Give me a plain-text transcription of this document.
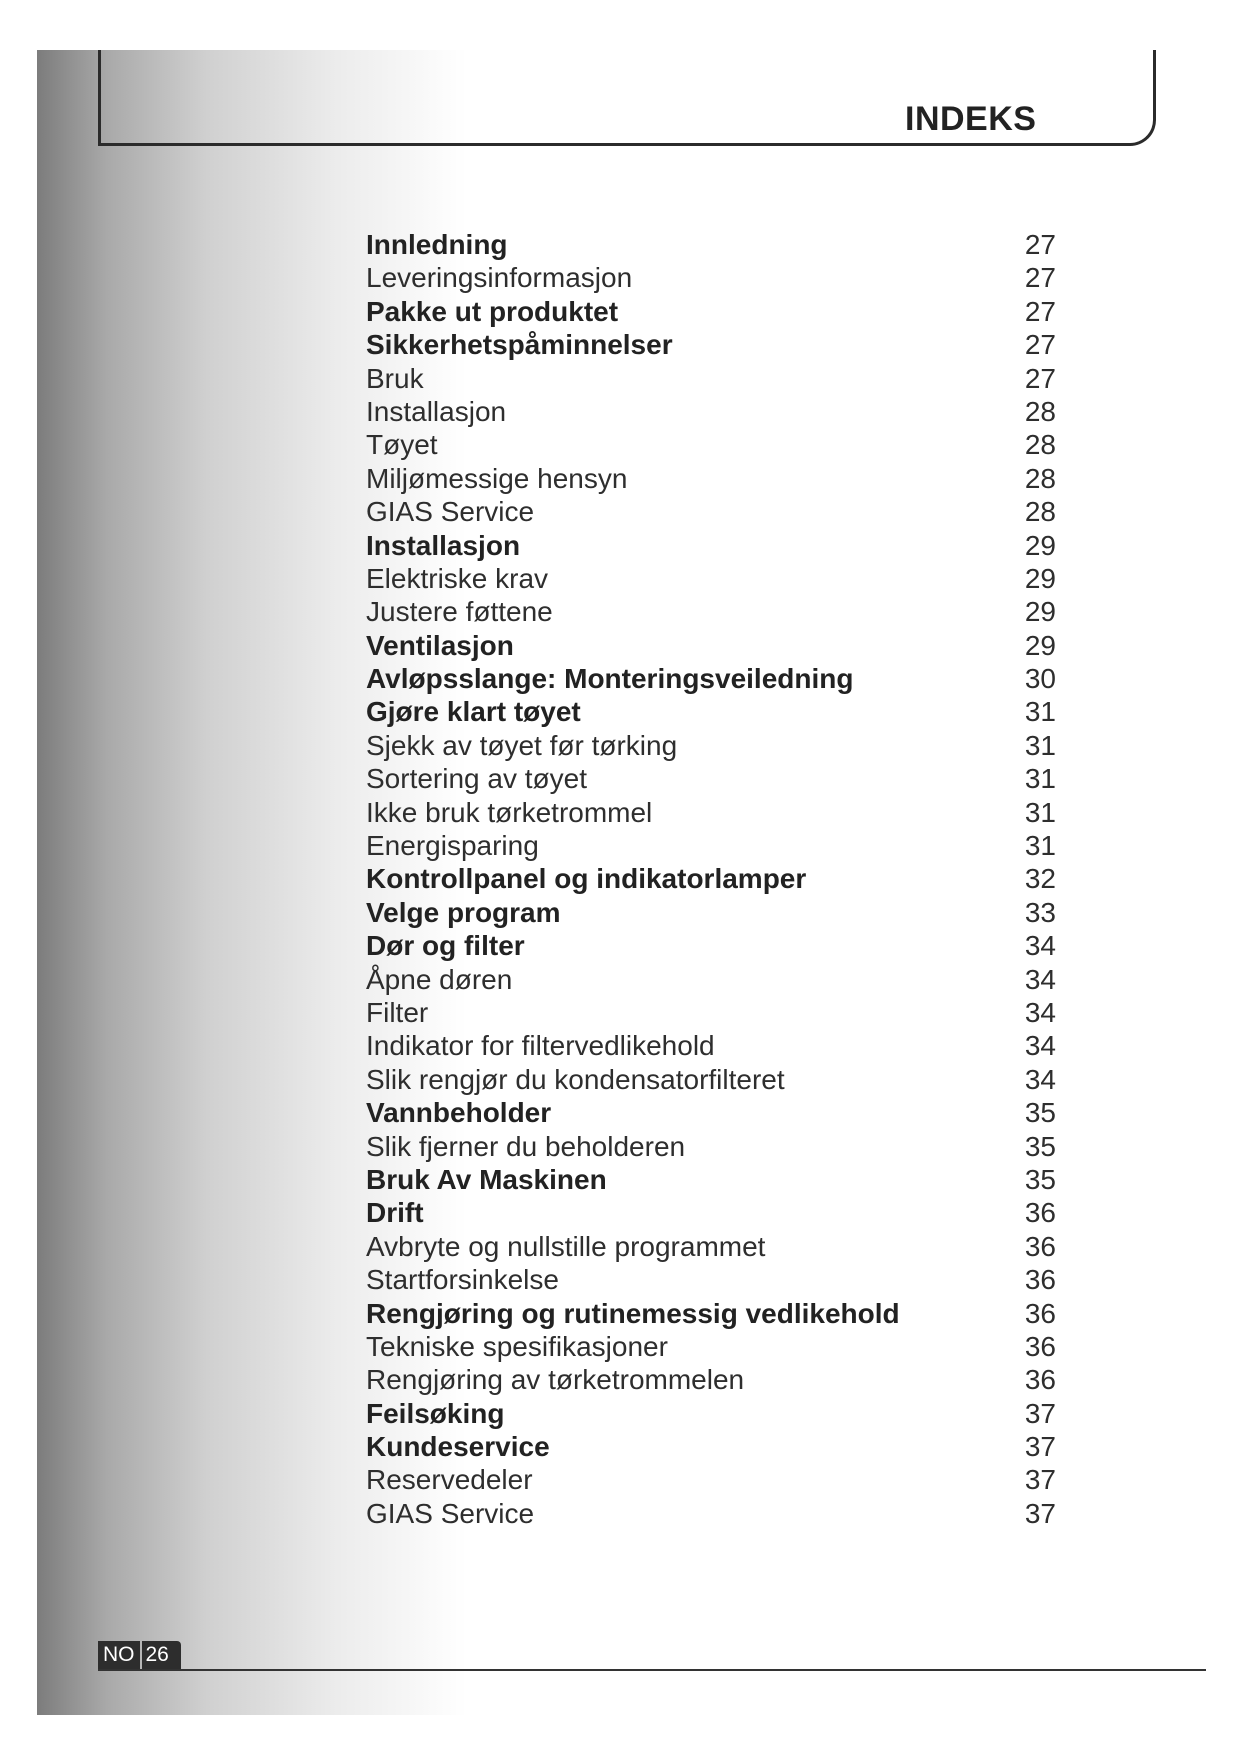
INDEKS
Innledning	27
Leveringsinformasjon	27
Pakke ut produktet	27
Sikkerhetspåminnelser	27
Bruk	27
Installasjon	28
Tøyet	28
Miljømessige hensyn	28
GIAS Service	28
Installasjon	29
Elektriske krav	29
Justere føttene	29
Ventilasjon	29
Avløpsslange: Monteringsveiledning	30
Gjøre klart tøyet	31
Sjekk av tøyet før tørking	31
Sortering av tøyet	31
Ikke bruk tørketrommel	31
Energisparing	31
Kontrollpanel og indikatorlamper	32
Velge program	33
Dør og filter	34
Åpne døren	34
Filter	34
Indikator for filtervedlikehold	34
Slik rengjør du kondensatorfilteret	34
Vannbeholder	35
Slik fjerner du beholderen	35
Bruk Av Maskinen	35
Drift	36
Avbryte og nullstille programmet	36
Startforsinkelse	36
Rengjøring og rutinemessig vedlikehold	36
Tekniske spesifikasjoner	36
Rengjøring av tørketrommelen	36
Feilsøking	37
Kundeservice	37
Reservedeler	37
GIAS Service	37
NO 26
